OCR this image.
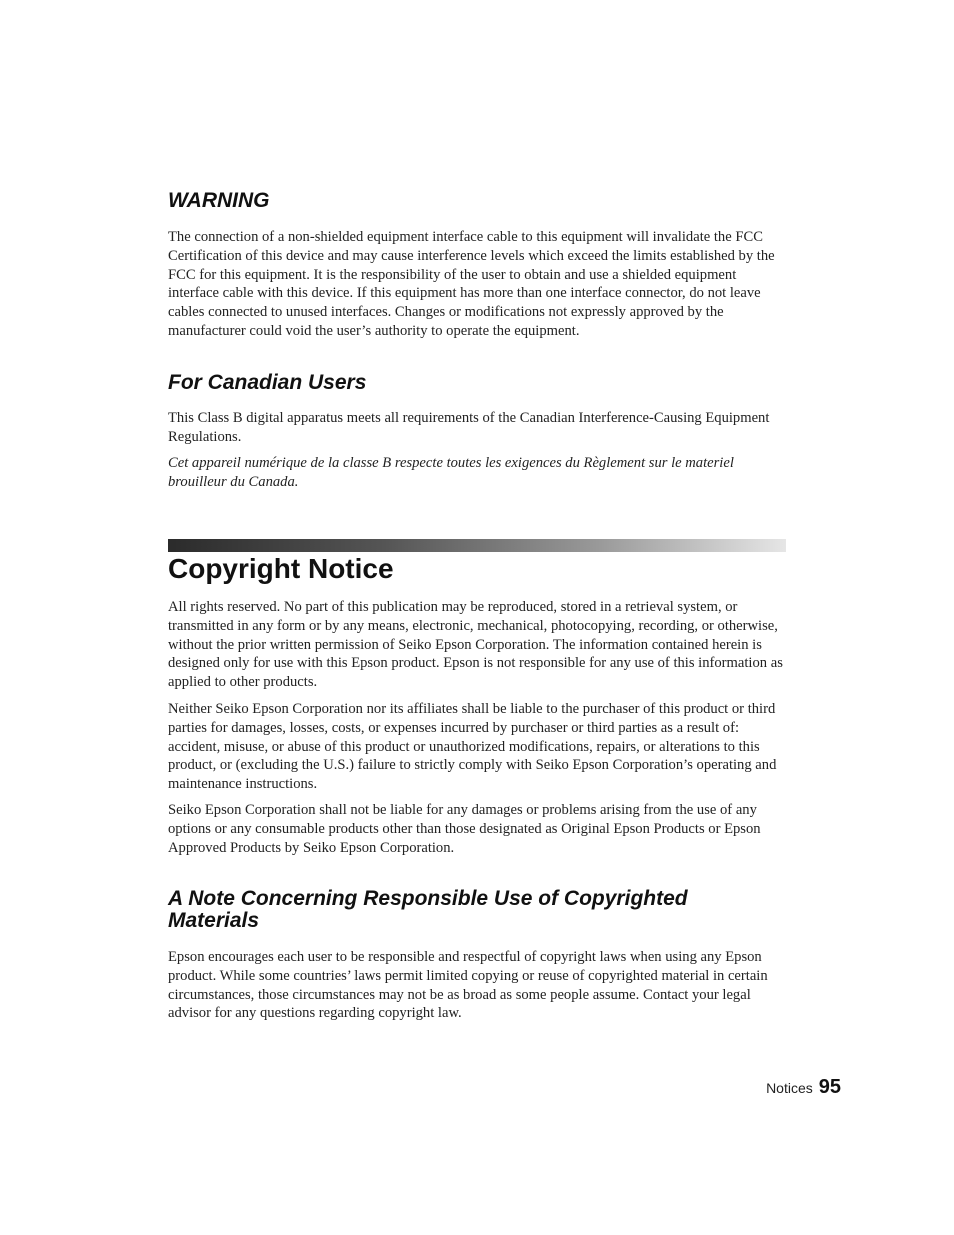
WARNING

The connection of a non-shielded equipment interface cable to this equipment will invalidate the FCC Certification of this device and may cause interference levels which exceed the limits established by the FCC for this equipment. It is the responsibility of the user to obtain and use a shielded equipment interface cable with this device. If this equipment has more than one interface connector, do not leave cables connected to unused interfaces. Changes or modifications not expressly approved by the manufacturer could void the user’s authority to operate the equipment.

For Canadian Users

This Class B digital apparatus meets all requirements of the Canadian Interference-Causing Equipment Regulations.

Cet appareil numérique de la classe B respecte toutes les exigences du Règlement sur le materiel brouilleur du Canada.

Copyright Notice

All rights reserved. No part of this publication may be reproduced, stored in a retrieval system, or transmitted in any form or by any means, electronic, mechanical, photocopying, recording, or otherwise, without the prior written permission of Seiko Epson Corporation. The information contained herein is designed only for use with this Epson product. Epson is not responsible for any use of this information as applied to other products.

Neither Seiko Epson Corporation nor its affiliates shall be liable to the purchaser of this product or third parties for damages, losses, costs, or expenses incurred by purchaser or third parties as a result of: accident, misuse, or abuse of this product or unauthorized modifications, repairs, or alterations to this product, or (excluding the U.S.) failure to strictly comply with Seiko Epson Corporation’s operating and maintenance instructions.

Seiko Epson Corporation shall not be liable for any damages or problems arising from the use of any options or any consumable products other than those designated as Original Epson Products or Epson Approved Products by Seiko Epson Corporation.

A Note Concerning Responsible Use of Copyrighted Materials

Epson encourages each user to be responsible and respectful of copyright laws when using any Epson product. While some countries’ laws permit limited copying or reuse of copyrighted material in certain circumstances, those circumstances may not be as broad as some people assume. Contact your legal advisor for any questions regarding copyright law.

Notices 95
